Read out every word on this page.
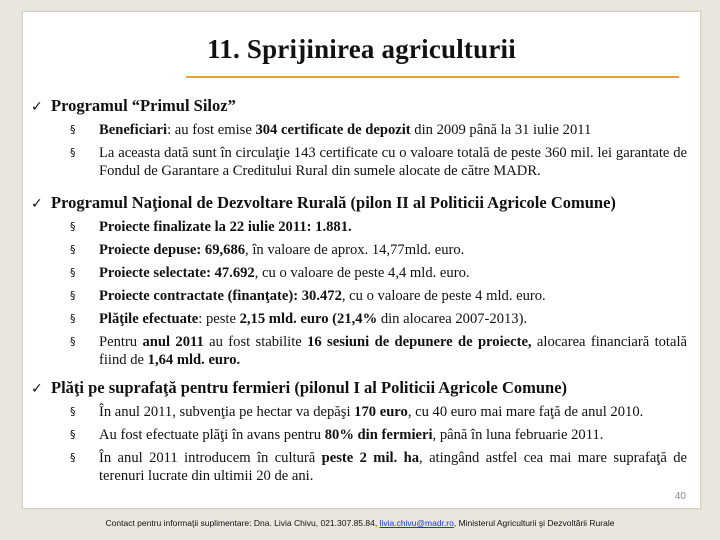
11. Sprijinirea agriculturii
✓ Programul “Primul Siloz”
§ Beneficiari: au fost emise 304 certificate de depozit din 2009 până la 31 iulie 2011
§ La aceasta dată sunt în circulaţie 143 certificate cu o valoare totală de peste 360 mil. lei garantate de Fondul de Garantare a Creditului Rural din sumele alocate de către MADR.
✓ Programul Naţional de Dezvoltare Rurală (pilon II al Politicii Agricole Comune)
§ Proiecte finalizate la 22 iulie 2011: 1.881.
§ Proiecte depuse: 69,686, în valoare de aprox. 14,77mld. euro.
§ Proiecte selectate: 47.692, cu o valoare de peste 4,4 mld. euro.
§ Proiecte contractate (finanţate): 30.472, cu o valoare de peste 4 mld. euro.
§ Plăţile efectuate: peste 2,15 mld. euro (21,4% din alocarea 2007-2013).
§ Pentru anul 2011 au fost stabilite 16 sesiuni de depunere de proiecte, alocarea financiară totală fiind de 1,64 mld. euro.
✓ Plăţi pe suprafaţă pentru fermieri (pilonul I al Politicii Agricole Comune)
§ În anul 2011, subvenţia pe hectar va depăşi 170 euro, cu 40 euro mai mare faţă de anul 2010.
§ Au fost efectuate plăţi în avans pentru 80% din fermieri, până în luna februarie 2011.
§ În anul 2011 introducem în cultură peste 2 mil. ha, atingând astfel cea mai mare suprafaţă de terenuri lucrate din ultimii 20 de ani.
40
Contact pentru informaţii suplimentare: Dna. Livia Chivu, 021.307.85.84, livia.chivu@madr.ro, Ministerul Agriculturii şi Dezvoltării Rurale
